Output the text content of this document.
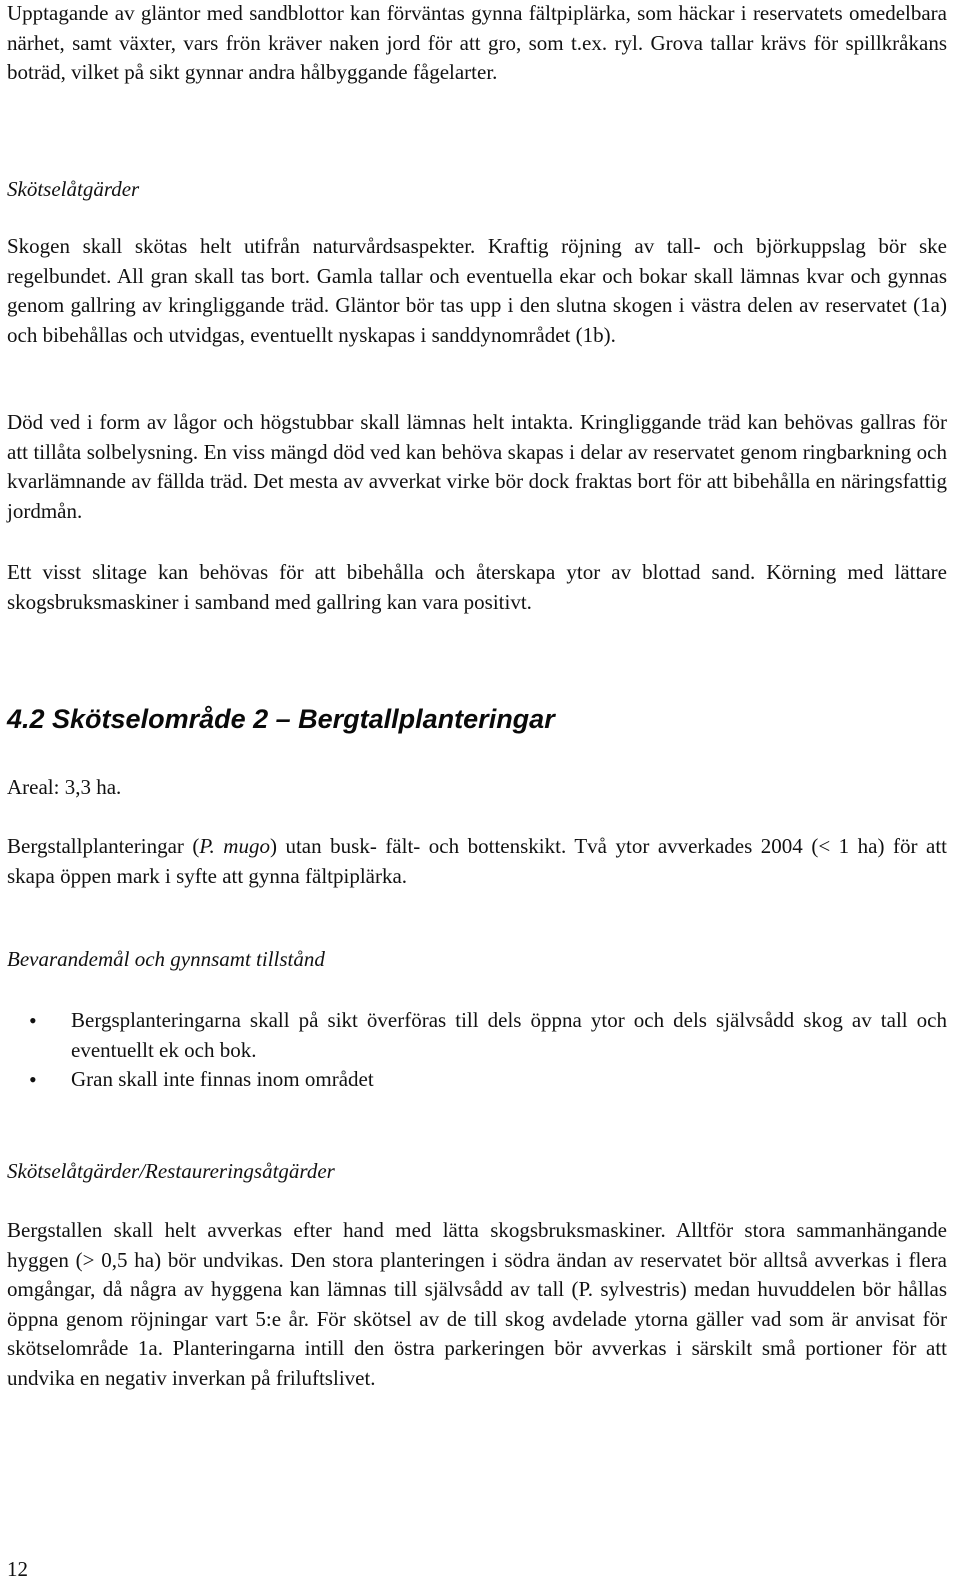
Upptagande av gläntor med sandblottor kan förväntas gynna fältpiplärka, som häckar i reservatets omedelbara närhet, samt växter, vars frön kräver naken jord för att gro, som t.ex. ryl. Grova tallar krävs för spillkråkans boträd, vilket på sikt gynnar andra hålbyggande fågelarter.

Skötselåtgärder

Skogen skall skötas helt utifrån naturvårdsaspekter. Kraftig röjning av tall- och björkuppslag bör ske regelbundet. All gran skall tas bort. Gamla tallar och eventuella ekar och bokar skall lämnas kvar och gynnas genom gallring av kringliggande träd. Gläntor bör tas upp i den slutna skogen i västra delen av reservatet (1a) och bibehållas och utvidgas, eventuellt nyskapas i sanddynområdet (1b).

Död ved i form av lågor och högstubbar skall lämnas helt intakta. Kringliggande träd kan behövas gallras för att tillåta solbelysning. En viss mängd död ved kan behöva skapas i delar av reservatet genom ringbarkning och kvarlämnande av fällda träd. Det mesta av avverkat virke bör dock fraktas bort för att bibehålla en näringsfattig jordmån.

Ett visst slitage kan behövas för att bibehålla och återskapa ytor av blottad sand. Körning med lättare skogsbruksmaskiner i samband med gallring kan vara positivt.

4.2 Skötselområde 2 – Bergtallplanteringar

Areal: 3,3 ha.

Bergstallplanteringar (P. mugo) utan busk- fält- och bottenskikt. Två ytor avverkades 2004 (< 1 ha) för att skapa öppen mark i syfte att gynna fältpiplärka.

Bevarandemål och gynnsamt tillstånd

• Bergsplanteringarna skall på sikt överföras till dels öppna ytor och dels självsådd skog av tall och eventuellt ek och bok.
• Gran skall inte finnas inom området

Skötselåtgärder/Restaureringsåtgärder

Bergstallen skall helt avverkas efter hand med lätta skogsbruksmaskiner. Alltför stora sammanhängande hyggen (> 0,5 ha) bör undvikas. Den stora planteringen i södra ändan av reservatet bör alltså avverkas i flera omgångar, då några av hyggena kan lämnas till självsådd av tall (P. sylvestris) medan huvuddelen bör hållas öppna genom röjningar vart 5:e år. För skötsel av de till skog avdelade ytorna gäller vad som är anvisat för skötselområde 1a. Planteringarna intill den östra parkeringen bör avverkas i särskilt små portioner för att undvika en negativ inverkan på friluftslivet.

12
